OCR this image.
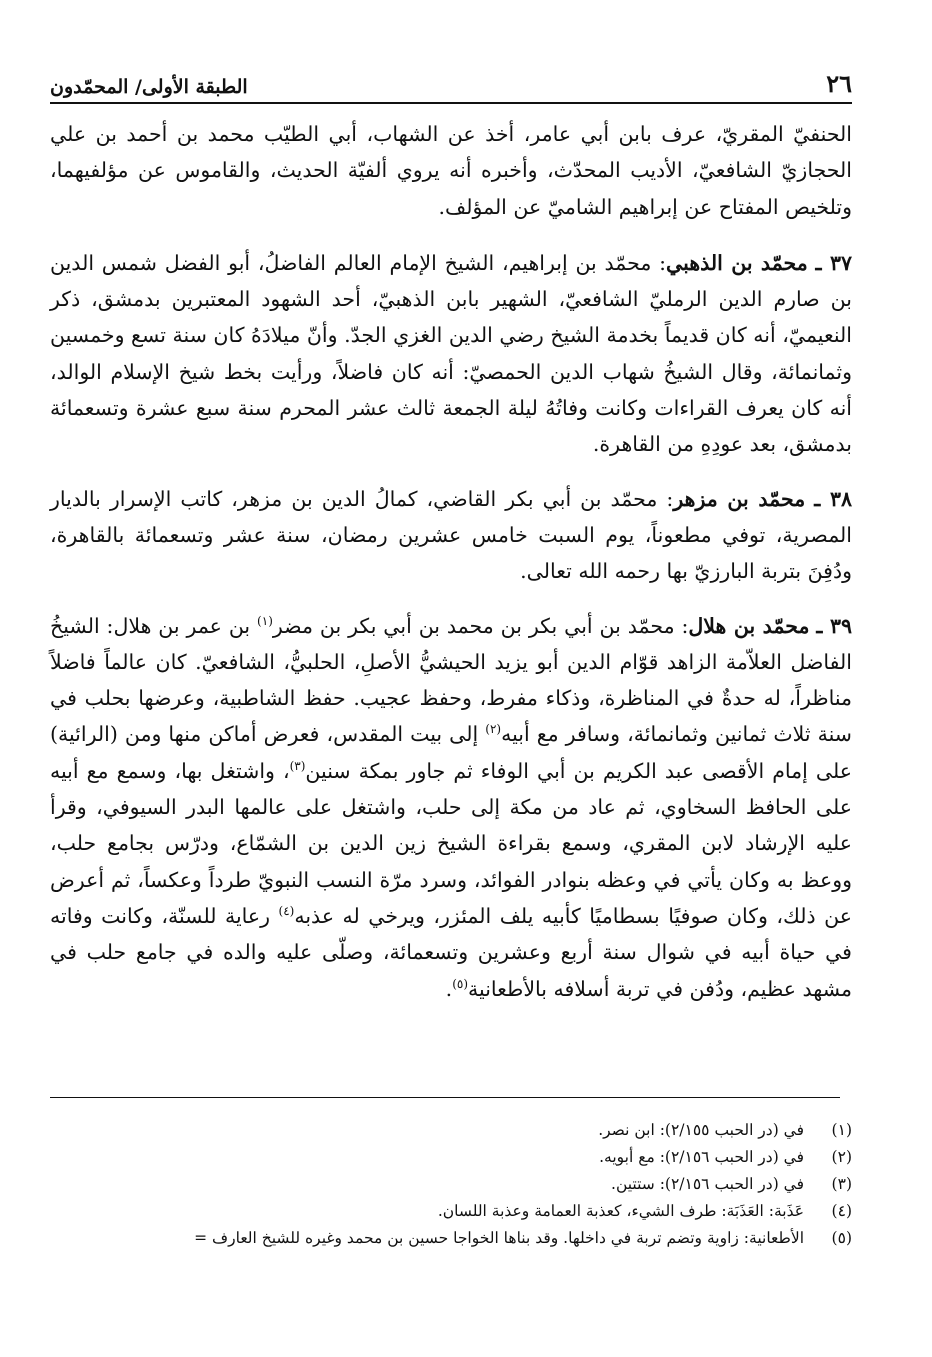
٢٦
الطبقة الأولى/ المحمّدون

الحنفيّ المقريّ، عرف بابن أبي عامر، أخذ عن الشهاب، أبي الطيّب محمد بن أحمد بن علي الحجازيّ الشافعيّ، الأديب المحدّث، وأخبره أنه يروي ألفيّة الحديث، والقاموس عن مؤلفيهما، وتلخيص المفتاح عن إبراهيم الشاميّ عن المؤلف.

٣٧ ـ محمّد بن الذهبي: محمّد بن إبراهيم، الشيخ الإمام العالم الفاضلُ، أبو الفضل شمس الدين بن صارم الدين الرمليّ الشافعيّ، الشهير بابن الذهبيّ، أحد الشهود المعتبرين بدمشق، ذكر النعيميّ، أنه كان قديماً بخدمة الشيخ رضي الدين الغزي الجدّ. وأنّ ميلادَهُ كان سنة تسع وخمسين وثمانمائة، وقال الشيخُ شهاب الدين الحمصيّ: أنه كان فاضلاً، ورأيت بخط شيخ الإسلام الوالد، أنه كان يعرف القراءات وكانت وفاتُهُ ليلة الجمعة ثالث عشر المحرم سنة سبع عشرة وتسعمائة بدمشق، بعد عودِهِ من القاهرة.

٣٨ ـ محمّد بن مزهر: محمّد بن أبي بكر القاضي، كمالُ الدين بن مزهر، كاتب الإسرار بالديار المصرية، توفي مطعوناً، يوم السبت خامس عشرين رمضان، سنة عشر وتسعمائة بالقاهرة، ودُفِنَ بتربة البارزيّ بها رحمه الله تعالى.

٣٩ ـ محمّد بن هلال: محمّد بن أبي بكر بن محمد بن أبي بكر بن مضر$^{(١)}$ بن عمر بن هلال: الشيخُ الفاضل العلاّمة الزاهد قوّام الدين أبو يزيد الحيشيُّ الأصلِ، الحلبيُّ، الشافعيّ. كان عالماً فاضلاً مناظراً، له حدةٌ في المناظرة، وذكاء مفرط، وحفظ عجيب. حفظ الشاطبية، وعرضها بحلب في سنة ثلاث ثمانين وثمانمائة، وسافر مع أبيه$^{(٢)}$ إلى بيت المقدس، فعرض أماكن منها ومن (الرائية) على إمام الأقصى عبد الكريم بن أبي الوفاء ثم جاور بمكة سنين$^{(٣)}$، واشتغل بها، وسمع مع أبيه على الحافظ السخاوي، ثم عاد من مكة إلى حلب، واشتغل على عالمها البدر السيوفي، وقرأ عليه الإرشاد لابن المقري، وسمع بقراءة الشيخ زين الدين بن الشمّاع، ودرّس بجامع حلب، ووعظ به وكان يأتي في وعظه بنوادر الفوائد، وسرد مرّة النسب النبويّ طرداً وعكساً، ثم أعرض عن ذلك، وكان صوفيًا بسطاميًا كأبيه يلف المئزر، ويرخي له عذبه$^{(٤)}$ رعاية للسنّة، وكانت وفاته في حياة أبيه في شوال سنة أربع وعشرين وتسعمائة، وصلّى عليه والده في جامع حلب في مشهد عظيم، ودُفن في تربة أسلافه بالأطعانية$^{(٥)}$.

(١)
في (در الحبب ٢/١٥٥): ابن نصر.
(٢)
في (در الحبب ٢/١٥٦): مع أبويه.
(٣)
في (در الحبب ٢/١٥٦): ستتين.
(٤)
عَذَبة: العَذَبَة: طرف الشيء، كعذبة العمامة وعذبة اللسان.
(٥)
الأطعانية: زاوية وتضم تربة في داخلها. وقد بناها الخواجا حسين بن محمد وغيره للشيخ العارف =
